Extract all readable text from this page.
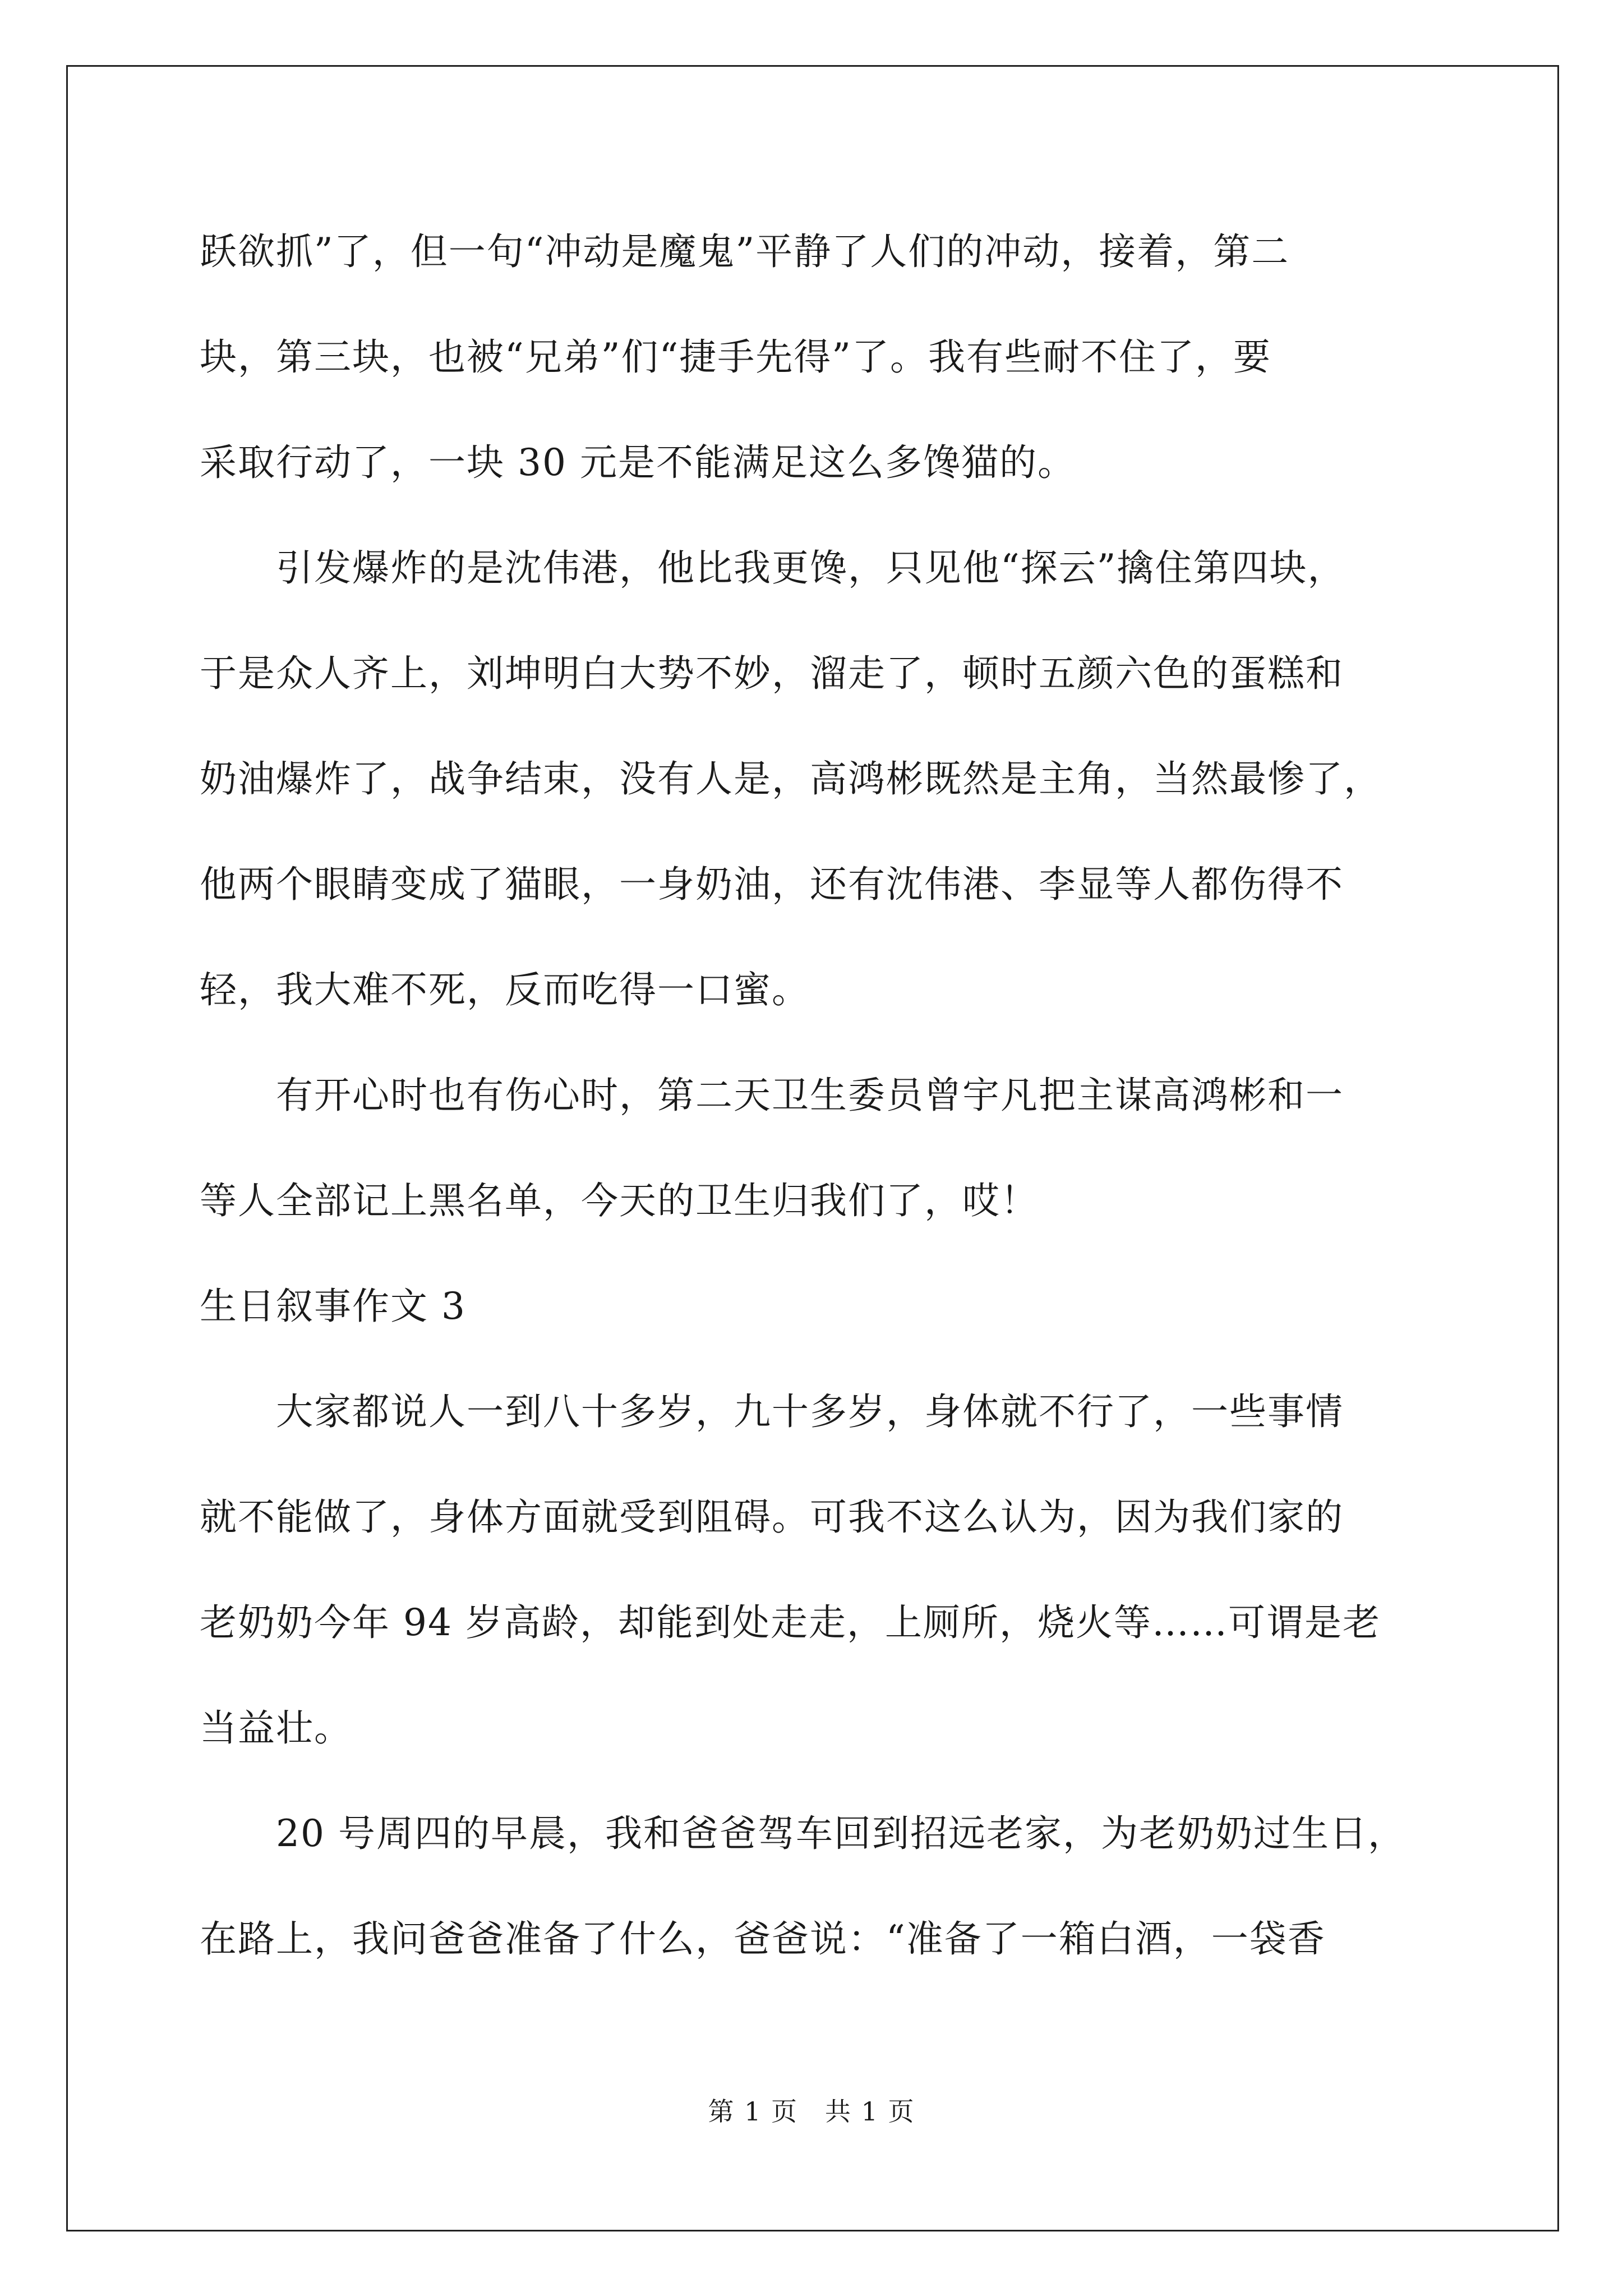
跃欲抓”了，但一句“冲动是魔鬼”平静了人们的冲动，接着，第二
块，第三块，也被“兄弟”们“捷手先得”了。我有些耐不住了，要
采取行动了，一块 30 元是不能满足这么多馋猫的。
　　引发爆炸的是沈伟港，他比我更馋，只见他“探云”擒住第四块，
于是众人齐上，刘坤明白大势不妙，溜走了，顿时五颜六色的蛋糕和
奶油爆炸了，战争结束，没有人是，高鸿彬既然是主角，当然最惨了，
他两个眼睛变成了猫眼，一身奶油，还有沈伟港、李显等人都伤得不
轻，我大难不死，反而吃得一口蜜。
　　有开心时也有伤心时，第二天卫生委员曾宇凡把主谋高鸿彬和一
等人全部记上黑名单，今天的卫生归我们了，哎！
生日叙事作文 3
　　大家都说人一到八十多岁，九十多岁，身体就不行了，一些事情
就不能做了，身体方面就受到阻碍。可我不这么认为，因为我们家的
老奶奶今年 94 岁高龄，却能到处走走，上厕所，烧火等……可谓是老
当益壮。
　　20 号周四的早晨，我和爸爸驾车回到招远老家，为老奶奶过生日，
在路上，我问爸爸准备了什么，爸爸说：“准备了一箱白酒，一袋香
第 1 页　共 1 页
